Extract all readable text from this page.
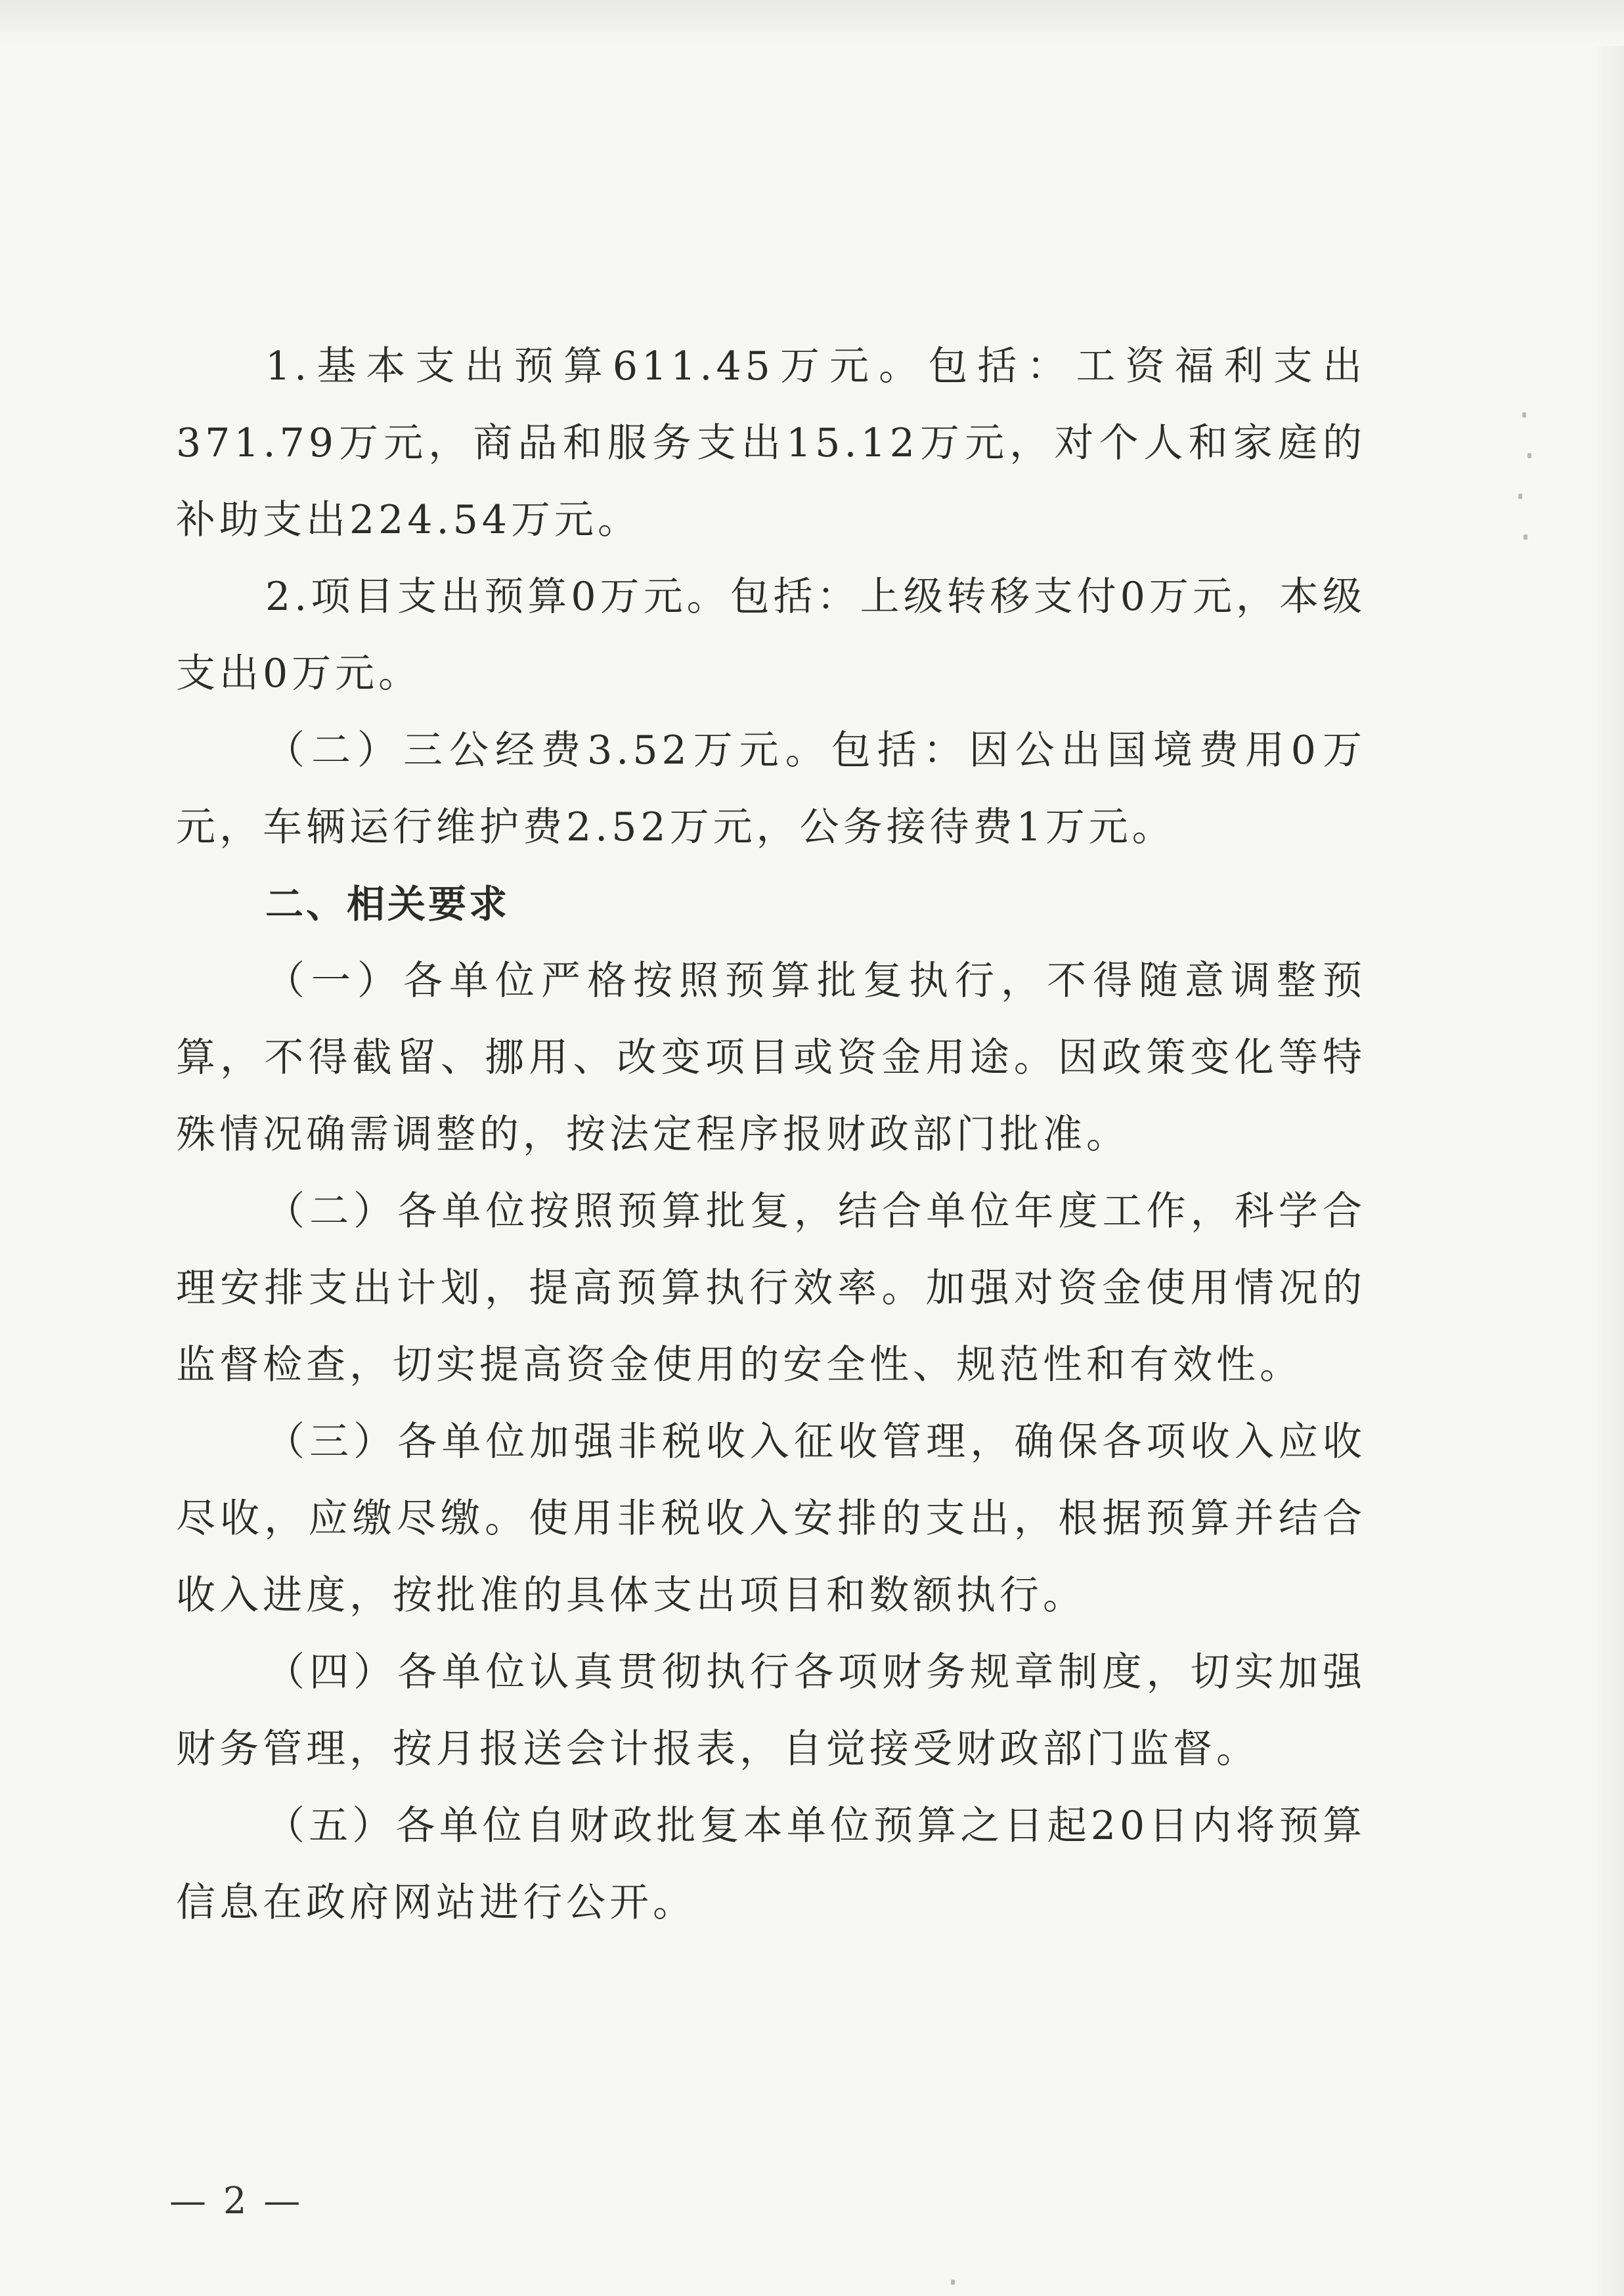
1.基本支出预算611.45万元。包括：工资福利支出371.79万元，商品和服务支出15.12万元，对个人和家庭的补助支出224.54万元。

2.项目支出预算0万元。包括：上级转移支付0万元，本级支出0万元。

（二）三公经费3.52万元。包括：因公出国境费用0万元，车辆运行维护费2.52万元，公务接待费1万元。

二、相关要求

（一）各单位严格按照预算批复执行，不得随意调整预算，不得截留、挪用、改变项目或资金用途。因政策变化等特殊情况确需调整的，按法定程序报财政部门批准。

（二）各单位按照预算批复，结合单位年度工作，科学合理安排支出计划，提高预算执行效率。加强对资金使用情况的监督检查，切实提高资金使用的安全性、规范性和有效性。

（三）各单位加强非税收入征收管理，确保各项收入应收尽收，应缴尽缴。使用非税收入安排的支出，根据预算并结合收入进度，按批准的具体支出项目和数额执行。

（四）各单位认真贯彻执行各项财务规章制度，切实加强财务管理，按月报送会计报表，自觉接受财政部门监督。

（五）各单位自财政批复本单位预算之日起20日内将预算信息在政府网站进行公开。

— 2 —
